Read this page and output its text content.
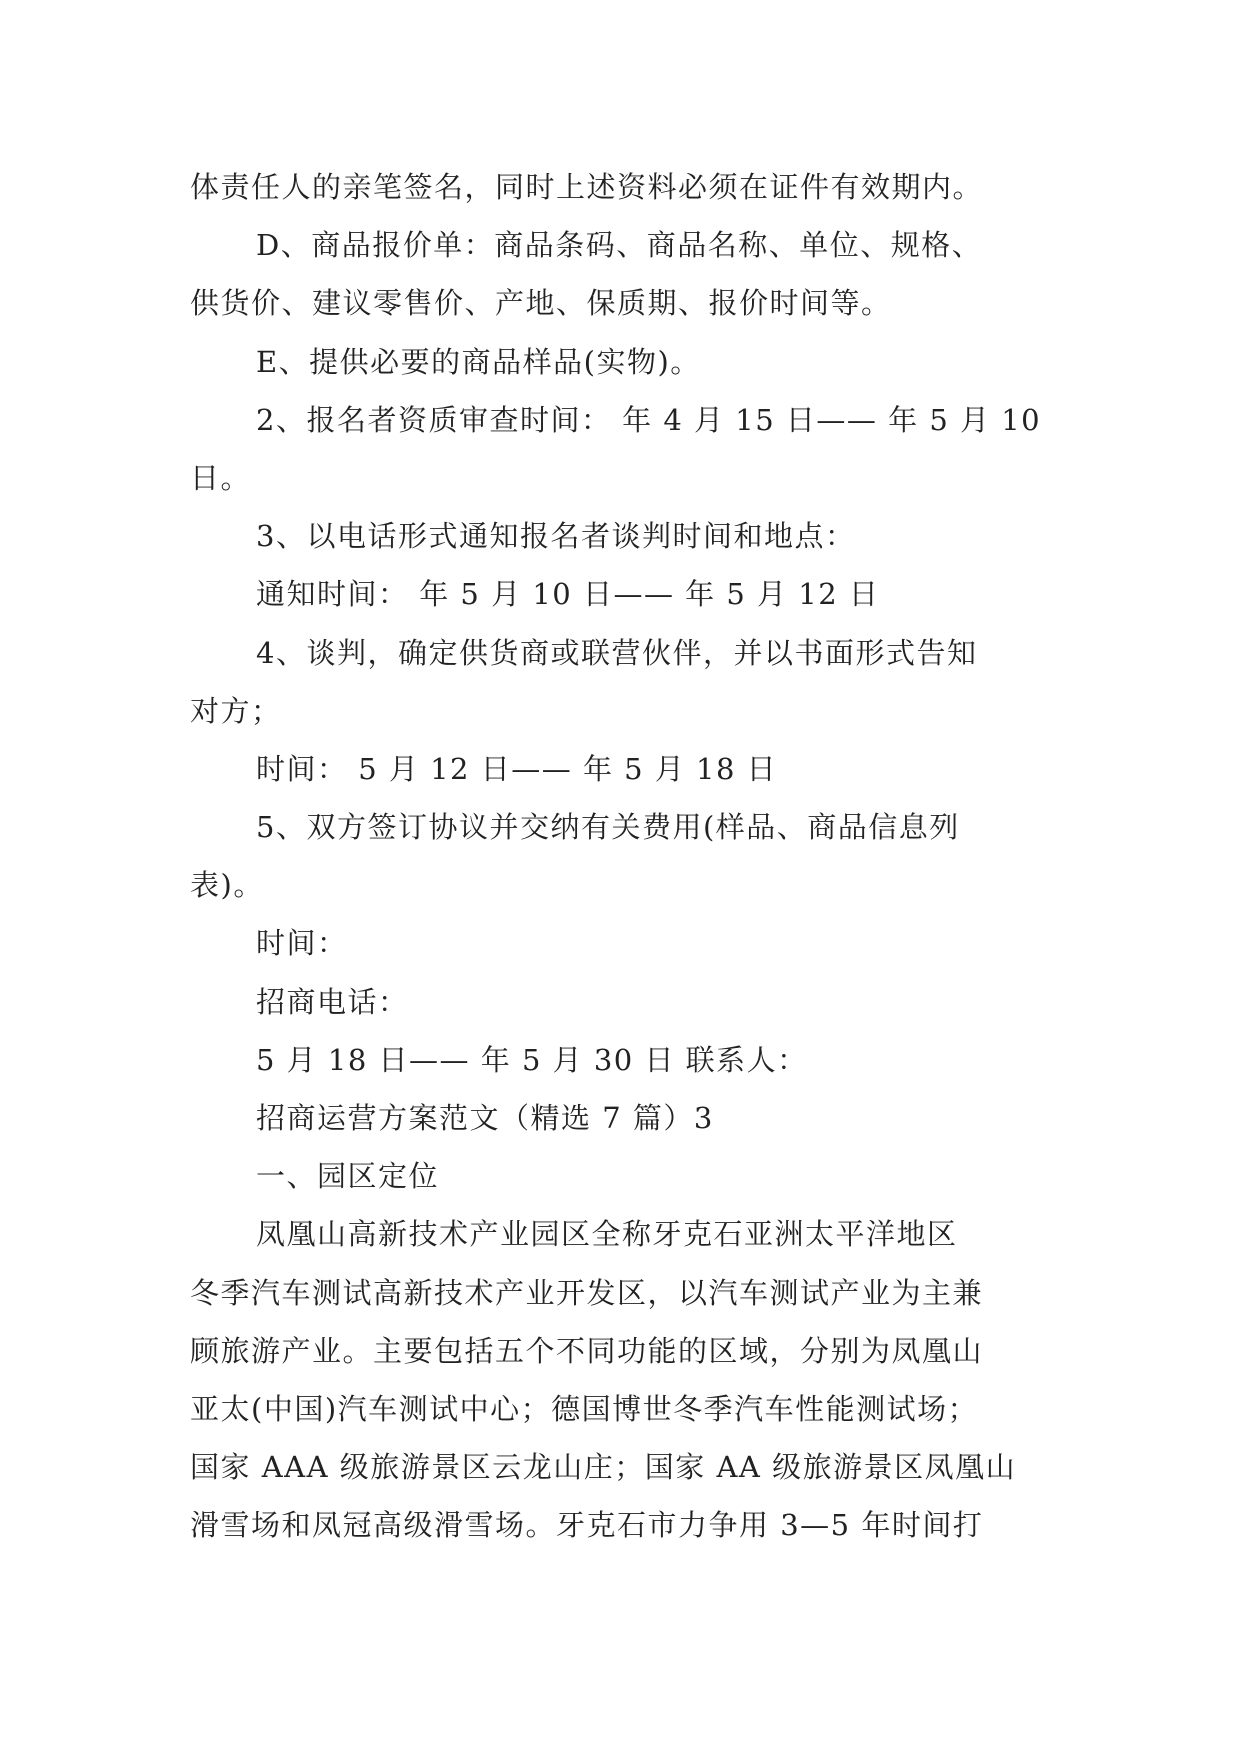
体责任人的亲笔签名，同时上述资料必须在证件有效期内。
D、商品报价单：商品条码、商品名称、单位、规格、
供货价、建议零售价、产地、保质期、报价时间等。
E、提供必要的商品样品(实物)。
2、报名者资质审查时间： 年 4 月 15 日—— 年 5 月 10
日。
3、以电话形式通知报名者谈判时间和地点：
通知时间： 年 5 月 10 日—— 年 5 月 12 日
4、谈判，确定供货商或联营伙伴，并以书面形式告知
对方；
时间： 5 月 12 日—— 年 5 月 18 日
5、双方签订协议并交纳有关费用(样品、商品信息列
表)。
时间：
招商电话：
5 月 18 日—— 年 5 月 30 日 联系人：
招商运营方案范文（精选 7 篇）3
一、园区定位
凤凰山高新技术产业园区全称牙克石亚洲太平洋地区
冬季汽车测试高新技术产业开发区，以汽车测试产业为主兼
顾旅游产业。主要包括五个不同功能的区域，分别为凤凰山
亚太(中国)汽车测试中心；德国博世冬季汽车性能测试场；
国家 AAA 级旅游景区云龙山庄；国家 AA 级旅游景区凤凰山
滑雪场和凤冠高级滑雪场。牙克石市力争用 3—5 年时间打
